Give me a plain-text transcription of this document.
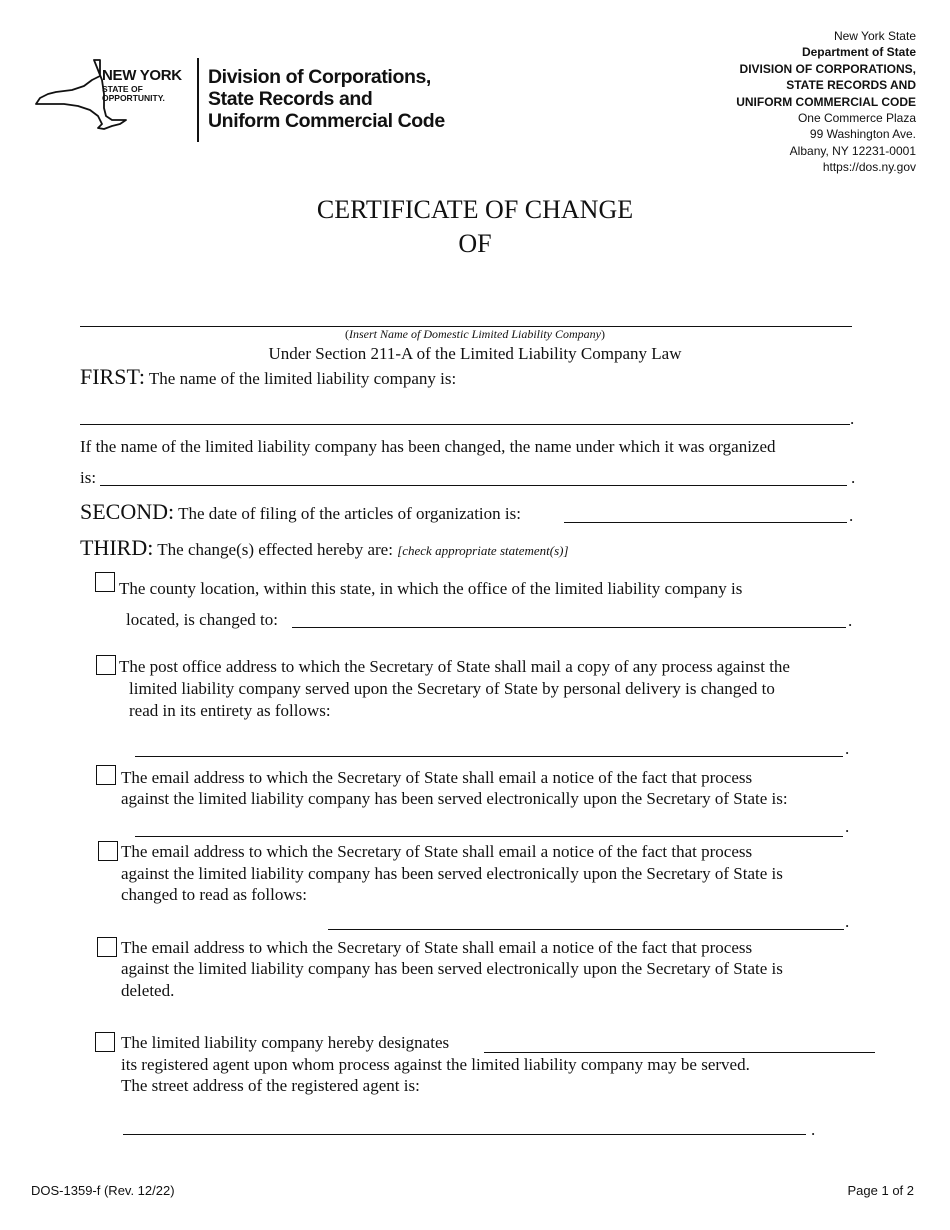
NEW YORK
STATE OF
OPPORTUNITY.
Division of Corporations,
State Records and
Uniform Commercial Code
New York State
Department of State
DIVISION OF CORPORATIONS,
STATE RECORDS AND
UNIFORM COMMERCIAL CODE
One Commerce Plaza
99 Washington Ave.
Albany, NY 12231-0001
https://dos.ny.gov
CERTIFICATE OF CHANGE
OF
(Insert Name of Domestic Limited Liability Company)
Under Section 211-A of the Limited Liability Company Law
FIRST: The name of the limited liability company is:
.
If the name of the limited liability company has been changed, the name under which it was organized
is:	.
SECOND: The date of filing of the articles of organization is:	.
THIRD: The change(s) effected hereby are: [check appropriate statement(s)]
The county location, within this state, in which the office of the limited liability company is
located, is changed to:	.
The post office address to which the Secretary of State shall mail a copy of any process against the
limited liability company served upon the Secretary of State by personal delivery is changed to
read in its entirety as follows:
.
The email address to which the Secretary of State shall email a notice of the fact that process
against the limited liability company has been served electronically upon the Secretary of State is:
.
The email address to which the Secretary of State shall email a notice of the fact that process
against the limited liability company has been served electronically upon the Secretary of State is
changed to read as follows:
.
The email address to which the Secretary of State shall email a notice of the fact that process
against the limited liability company has been served electronically upon the Secretary of State is
deleted.
The limited liability company hereby designates
its registered agent upon whom process against the limited liability company may be served.
The street address of the registered agent is:
.
DOS-1359-f (Rev. 12/22)	Page 1 of 2
